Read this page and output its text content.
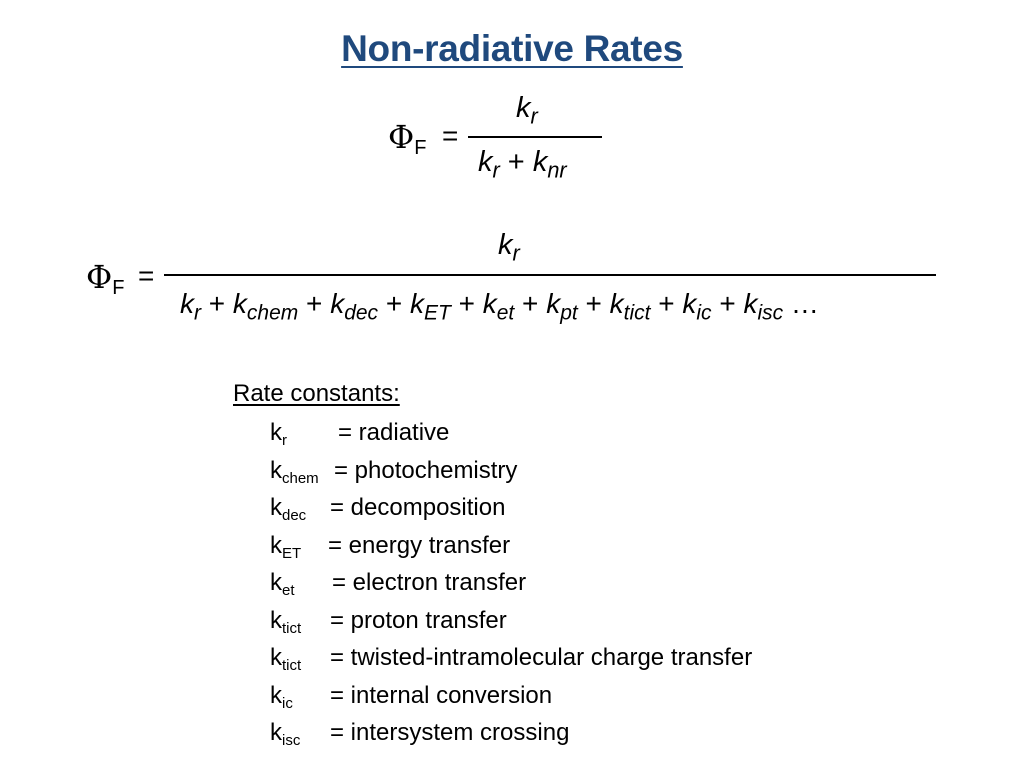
Non-radiative Rates
ΦF =
$k_r$
$k_r + k_{nr}$
ΦF =
$k_r$
$k_r + k_{chem} + k_{dec} + k_{ET} + k_{et} + k_{pt} + k_{tict} + k_{ic} + k_{isc}$ …
Rate constants:
$k_r$ = radiative
$k_{chem}$ = photochemistry
$k_{dec}$ = decomposition
$k_{ET}$ = energy transfer
$k_{et}$ = electron transfer
$k_{tict}$ = proton transfer
$k_{tict}$ = twisted-intramolecular charge transfer
$k_{ic}$ = internal conversion
$k_{isc}$ = intersystem crossing
